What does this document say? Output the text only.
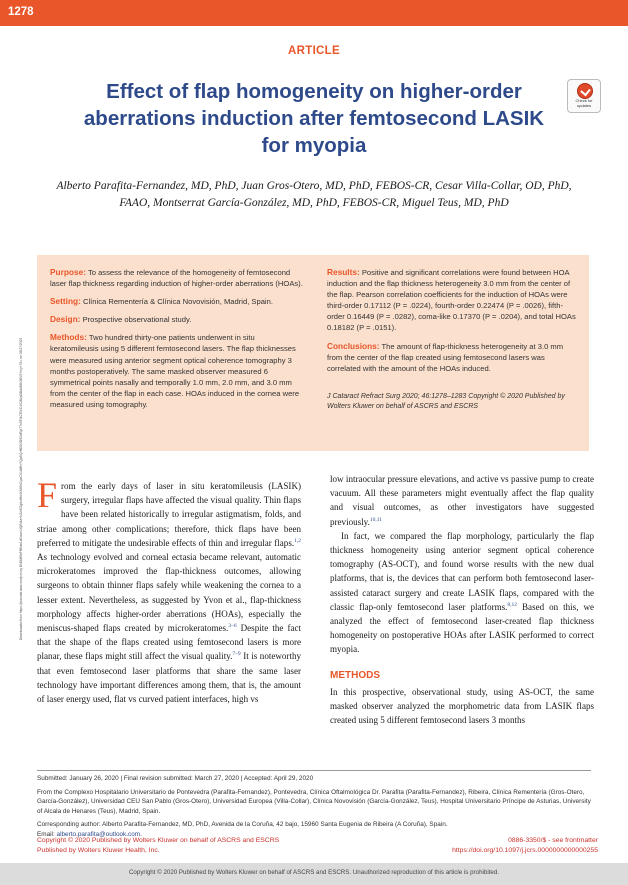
1278
ARTICLE
Effect of flap homogeneity on higher-order aberrations induction after femtosecond LASIK for myopia
Check for updates

Alberto Parafita-Fernandez, MD, PhD, Juan Gros-Otero, MD, PhD, FEBOS-CR, Cesar Villa-Collar, OD, PhD, FAAO, Montserrat García-González, MD, PhD, FEBOS-CR, Miguel Teus, MD, PhD

Downloaded from https://journals.lww.com/jcrs by BhDMf5ePHKav1zEoum1tQfN4a+kJLhEZgbsIHo4XMi0hCywCX1AWnYQp/IlQrHD3i3D0OdRyi7TvSFl4Cf3VC4/OAVpDDa8KKGKV0Ymy+78= on 09/27/2023

Purpose: To assess the relevance of the homogeneity of femtosecond laser flap thickness regarding induction of higher-order aberrations (HOAs).

Setting: Clínica Rementería & Clínica Novovisión, Madrid, Spain.

Design: Prospective observational study.

Methods: Two hundred thirty-one patients underwent in situ keratomileusis using 5 different femtosecond lasers. The flap thicknesses were measured using anterior segment optical coherence tomography 3 months postoperatively. The same masked observer measured 6 symmetrical points nasally and temporally 1.0 mm, 2.0 mm, and 3.0 mm from the center of the flap in each case. HOAs induced in the cornea were measured using tomography.

Results: Positive and significant correlations were found between HOA induction and the flap thickness heterogeneity 3.0 mm from the center of the flap. Pearson correlation coefficients for the induction of HOAs were third-order 0.17112 (P = .0224), fourth-order 0.22474 (P = .0026), fifth-order 0.16449 (P = .0282), coma-like 0.17370 (P = .0204), and total HOAs 0.18182 (P = .0151).

Conclusions: The amount of flap-thickness heterogeneity at 3.0 mm from the center of the flap created using femtosecond lasers was correlated with the amount of the HOAs induced.

J Cataract Refract Surg 2020; 46:1278–1283 Copyright © 2020 Published by Wolters Kluwer on behalf of ASCRS and ESCRS

From the early days of laser in situ keratomileusis (LASIK) surgery, irregular flaps have affected the visual quality. Thin flaps have been related historically to irregular astigmatism, folds, and striae among other complications; therefore, thick flaps have been preferred to mitigate the undesirable effects of thin and irregular flaps.$^{1,2}$ As technology evolved and corneal ectasia became relevant, automatic microkeratomes improved the flap-thickness outcomes, allowing surgeons to obtain thinner flaps safely while weakening the cornea to a lesser extent. Nevertheless, as suggested by Yvon et al., flap-thickness morphology affects higher-order aberrations (HOAs), especially the meniscus-shaped flaps created by microkeratomes.$^{3-6}$ Despite the fact that the shape of the flaps created using femtosecond lasers is more planar, these flaps might still affect the visual quality.$^{7-9}$ It is noteworthy that even femtosecond laser platforms that share the same laser technology have important differences among them, that is, the amount of laser energy used, flat vs curved patient interfaces, high vs

low intraocular pressure elevations, and active vs passive pump to create vacuum. All these parameters might eventually affect the flap quality and visual outcomes, as other investigators have suggested previously.$^{10,11}$

In fact, we compared the flap morphology, particularly the flap thickness homogeneity using anterior segment optical coherence tomography (AS-OCT), and found worse results with the new dual platforms, that is, the devices that can perform both femtosecond laser-assisted cataract surgery and create LASIK flaps, compared with the classic flap-only femtosecond laser platforms.$^{8,12}$ Based on this, we analyzed the effect of femtosecond laser-created flap thickness homogeneity on postoperative HOAs after LASIK performed to correct myopia.

METHODS

In this prospective, observational study, using AS-OCT, the same masked observer analyzed the morphometric data from LASIK flaps created using 5 different femtosecond lasers 3 months

Submitted: January 26, 2020 | Final revision submitted: March 27, 2020 | Accepted: April 29, 2020

From the Complexo Hospitalario Universitario de Pontevedra (Parafita-Fernandez), Pontevedra, Clínica Oftalmológica Dr. Parafita (Parafita-Fernandez), Ribeira, Clínica Rementería (Gros-Otero, García-González), Universidad CEU San Pablo (Gros-Otero), Universidad Europea (Villa-Collar), Clínica Novovisión (García-González, Teus), Hospital Universitario Príncipe de Asturias, University of Alcala de Henares (Teus), Madrid, Spain.

Corresponding author: Alberto Parafita-Fernandez, MD, PhD, Avenida de la Coruña, 42 bajo, 15960 Santa Eugenia de Ribeira (A Coruña), Spain.

Email: alberto.parafita@outlook.com.

Copyright © 2020 Published by Wolters Kluwer on behalf of ASCRS and ESCRS

Published by Wolters Kluwer Health, Inc.

0886-3350/$ - see frontmatter

https://doi.org/10.1097/j.jcrs.0000000000000255

Copyright © 2020 Published by Wolters Kluwer on behalf of ASCRS and ESCRS. Unauthorized reproduction of this article is prohibited.
